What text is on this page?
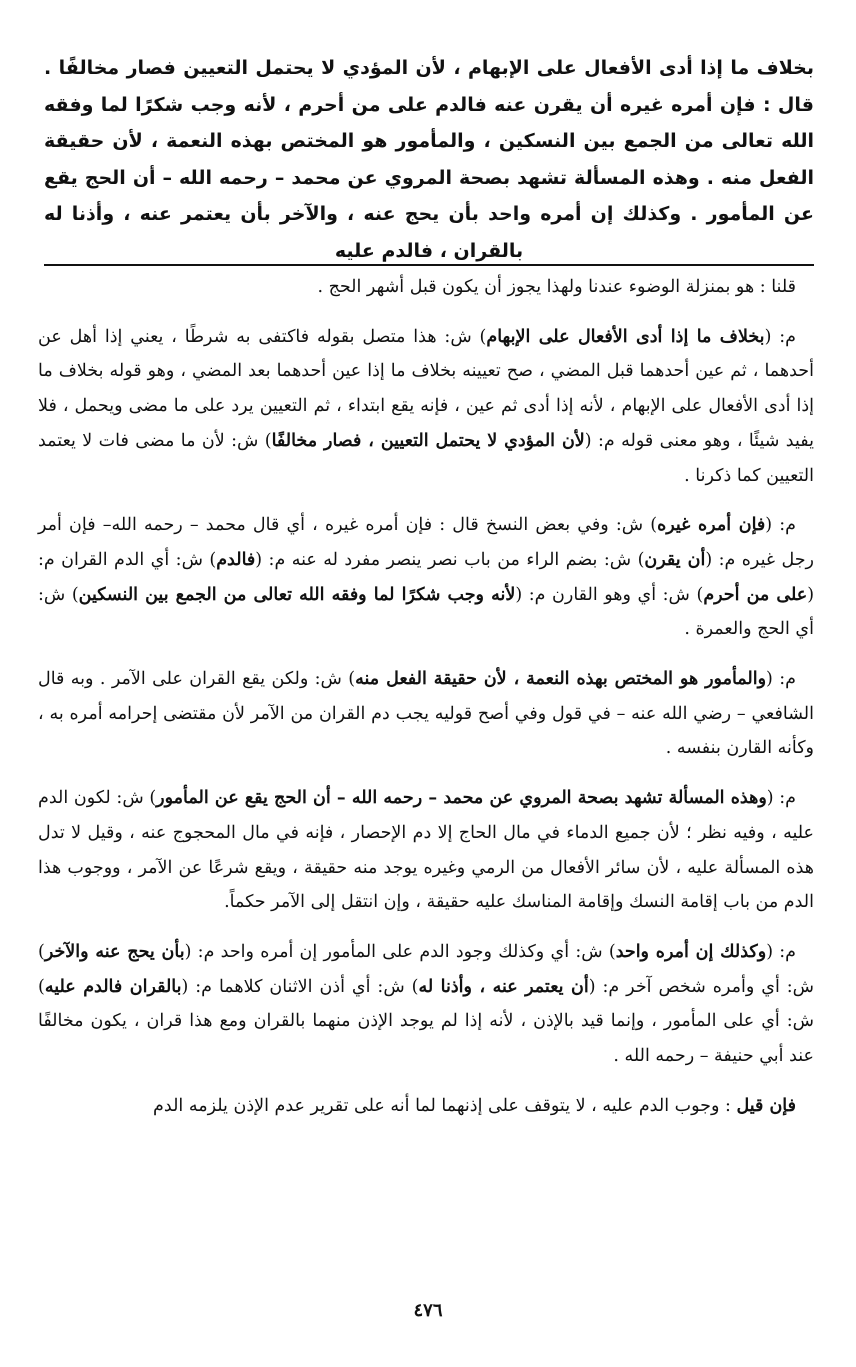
بخلاف ما إذا أدى الأفعال على الإبهام ، لأن المؤدي لا يحتمل التعيين فصار مخالفًا . قال : فإن أمره غيره أن يقرن عنه فالدم على من أحرم ، لأنه وجب شكرًا لما وفقه الله تعالى من الجمع بين النسكين ، والمأمور هو المختص بهذه النعمة ، لأن حقيقة الفعل منه . وهذه المسألة تشهد بصحة المروي عن محمد – رحمه الله – أن الحج يقع عن المأمور . وكذلك إن أمره واحد بأن يحج عنه ، والآخر بأن يعتمر عنه ، وأذنا له بالقران ، فالدم عليه

قلنا : هو بمنزلة الوضوء عندنا ولهذا يجوز أن يكون قبل أشهر الحج .

م: (بخلاف ما إذا أدى الأفعال على الإبهام) ش: هذا متصل بقوله فاكتفى به شرطًا ، يعني إذا أهل عن أحدهما ، ثم عين أحدهما قبل المضي ، صح تعيينه بخلاف ما إذا عين أحدهما بعد المضي ، وهو قوله بخلاف ما إذا أدى الأفعال على الإبهام ، لأنه إذا أدى ثم عين ، فإنه يقع ابتداء ، ثم التعيين يرد على ما مضى ويحمل ، فلا يفيد شيئًا ، وهو معنى قوله م: (لأن المؤدي لا يحتمل التعيين ، فصار مخالفًا) ش: لأن ما مضى فات لا يعتمد التعيين كما ذكرنا .

م: (فإن أمره غيره) ش: وفي بعض النسخ قال : فإن أمره غيره ، أي قال محمد – رحمه الله– فإن أمر رجل غيره م: (أن يقرن) ش: بضم الراء من باب نصر ينصر مفرد له عنه م: (فالدم) ش: أي الدم القران م: (على من أحرم) ش: أي وهو القارن م: (لأنه وجب شكرًا لما وفقه الله تعالى من الجمع بين النسكين) ش: أي الحج والعمرة .

م: (والمأمور هو المختص بهذه النعمة ، لأن حقيقة الفعل منه) ش: ولكن يقع القران على الآمر . وبه قال الشافعي – رضي الله عنه – في قول وفي أصح قوليه يجب دم القران من الآمر لأن مقتضى إحرامه أمره به ، وكأنه القارن بنفسه .

م: (وهذه المسألة تشهد بصحة المروي عن محمد – رحمه الله – أن الحج يقع عن المأمور) ش: لكون الدم عليه ، وفيه نظر ؛ لأن جميع الدماء في مال الحاج إلا دم الإحصار ، فإنه في مال المحجوج عنه ، وقيل لا تدل هذه المسألة عليه ، لأن سائر الأفعال من الرمي وغيره يوجد منه حقيقة ، ويقع شرعًا عن الآمر ، ووجوب هذا الدم من باب إقامة النسك وإقامة المناسك عليه حقيقة ، وإن انتقل إلى الآمر حكماً.

م: (وكذلك إن أمره واحد) ش: أي وكذلك وجود الدم على المأمور إن أمره واحد م: (بأن يحج عنه والآخر) ش: أي وأمره شخص آخر م: (أن يعتمر عنه ، وأذنا له) ش: أي أذن الاثنان كلاهما م: (بالقران فالدم عليه) ش: أي على المأمور ، وإنما قيد بالإذن ، لأنه إذا لم يوجد الإذن منهما بالقران ومع هذا قران ، يكون مخالفًا عند أبي حنيفة – رحمه الله .

فإن قيل : وجوب الدم عليه ، لا يتوقف على إذنهما لما أنه على تقرير عدم الإذن يلزمه الدم

٤٧٦
